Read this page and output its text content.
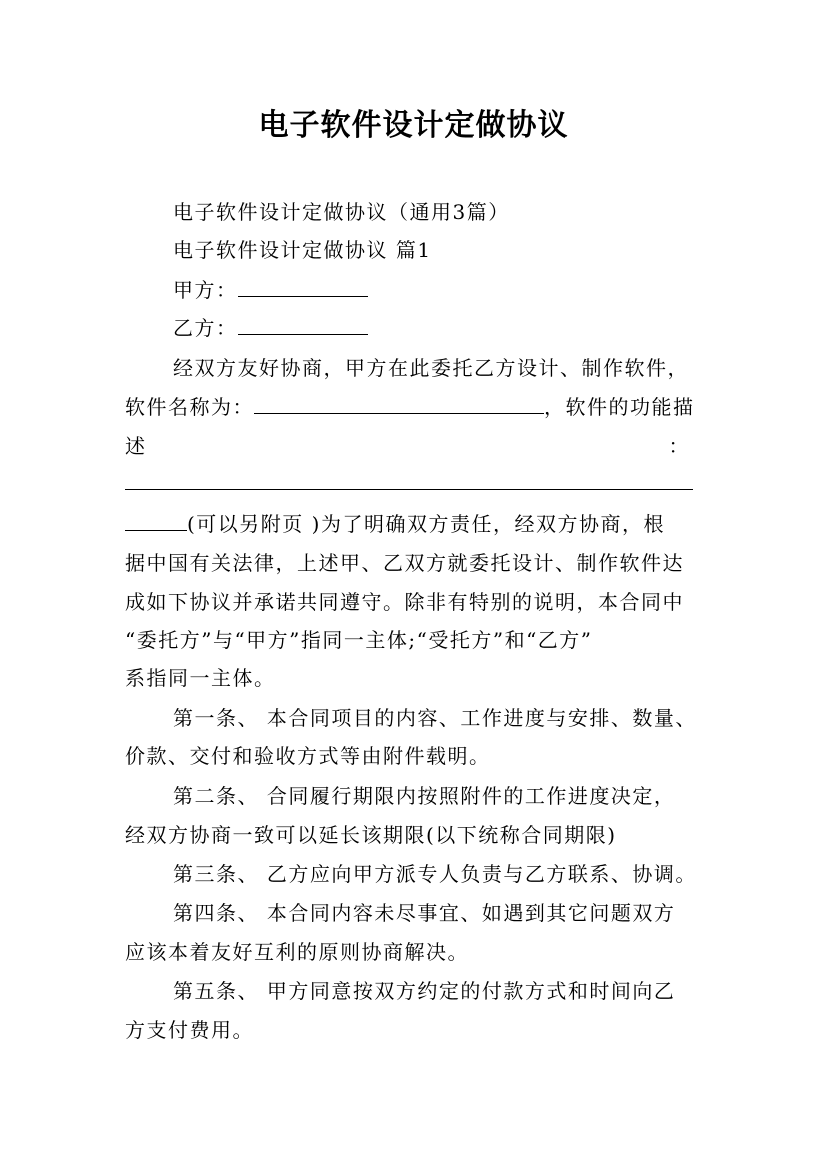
电子软件设计定做协议
电子软件设计定做协议（通用3篇）
电子软件设计定做协议 篇1
甲方：
乙方：
经双方友好协商，甲方在此委托乙方设计、制作软件，
软件名称为：	，软件的功能描
述	：
(可以另附页 )为了明确双方责任，经双方协商，根
据中国有关法律，上述甲、乙双方就委托设计、制作软件达
成如下协议并承诺共同遵守。除非有特别的说明，本合同中
“委托方”与“甲方”指同一主体;“受托方”和“乙方”
系指同一主体。
第一条、 本合同项目的内容、工作进度与安排、数量、
价款、交付和验收方式等由附件载明。
第二条、 合同履行期限内按照附件的工作进度决定，
经双方协商一致可以延长该期限(以下统称合同期限)
第三条、 乙方应向甲方派专人负责与乙方联系、协调。
第四条、 本合同内容未尽事宜、如遇到其它问题双方
应该本着友好互利的原则协商解决。
第五条、 甲方同意按双方约定的付款方式和时间向乙
方支付费用。
